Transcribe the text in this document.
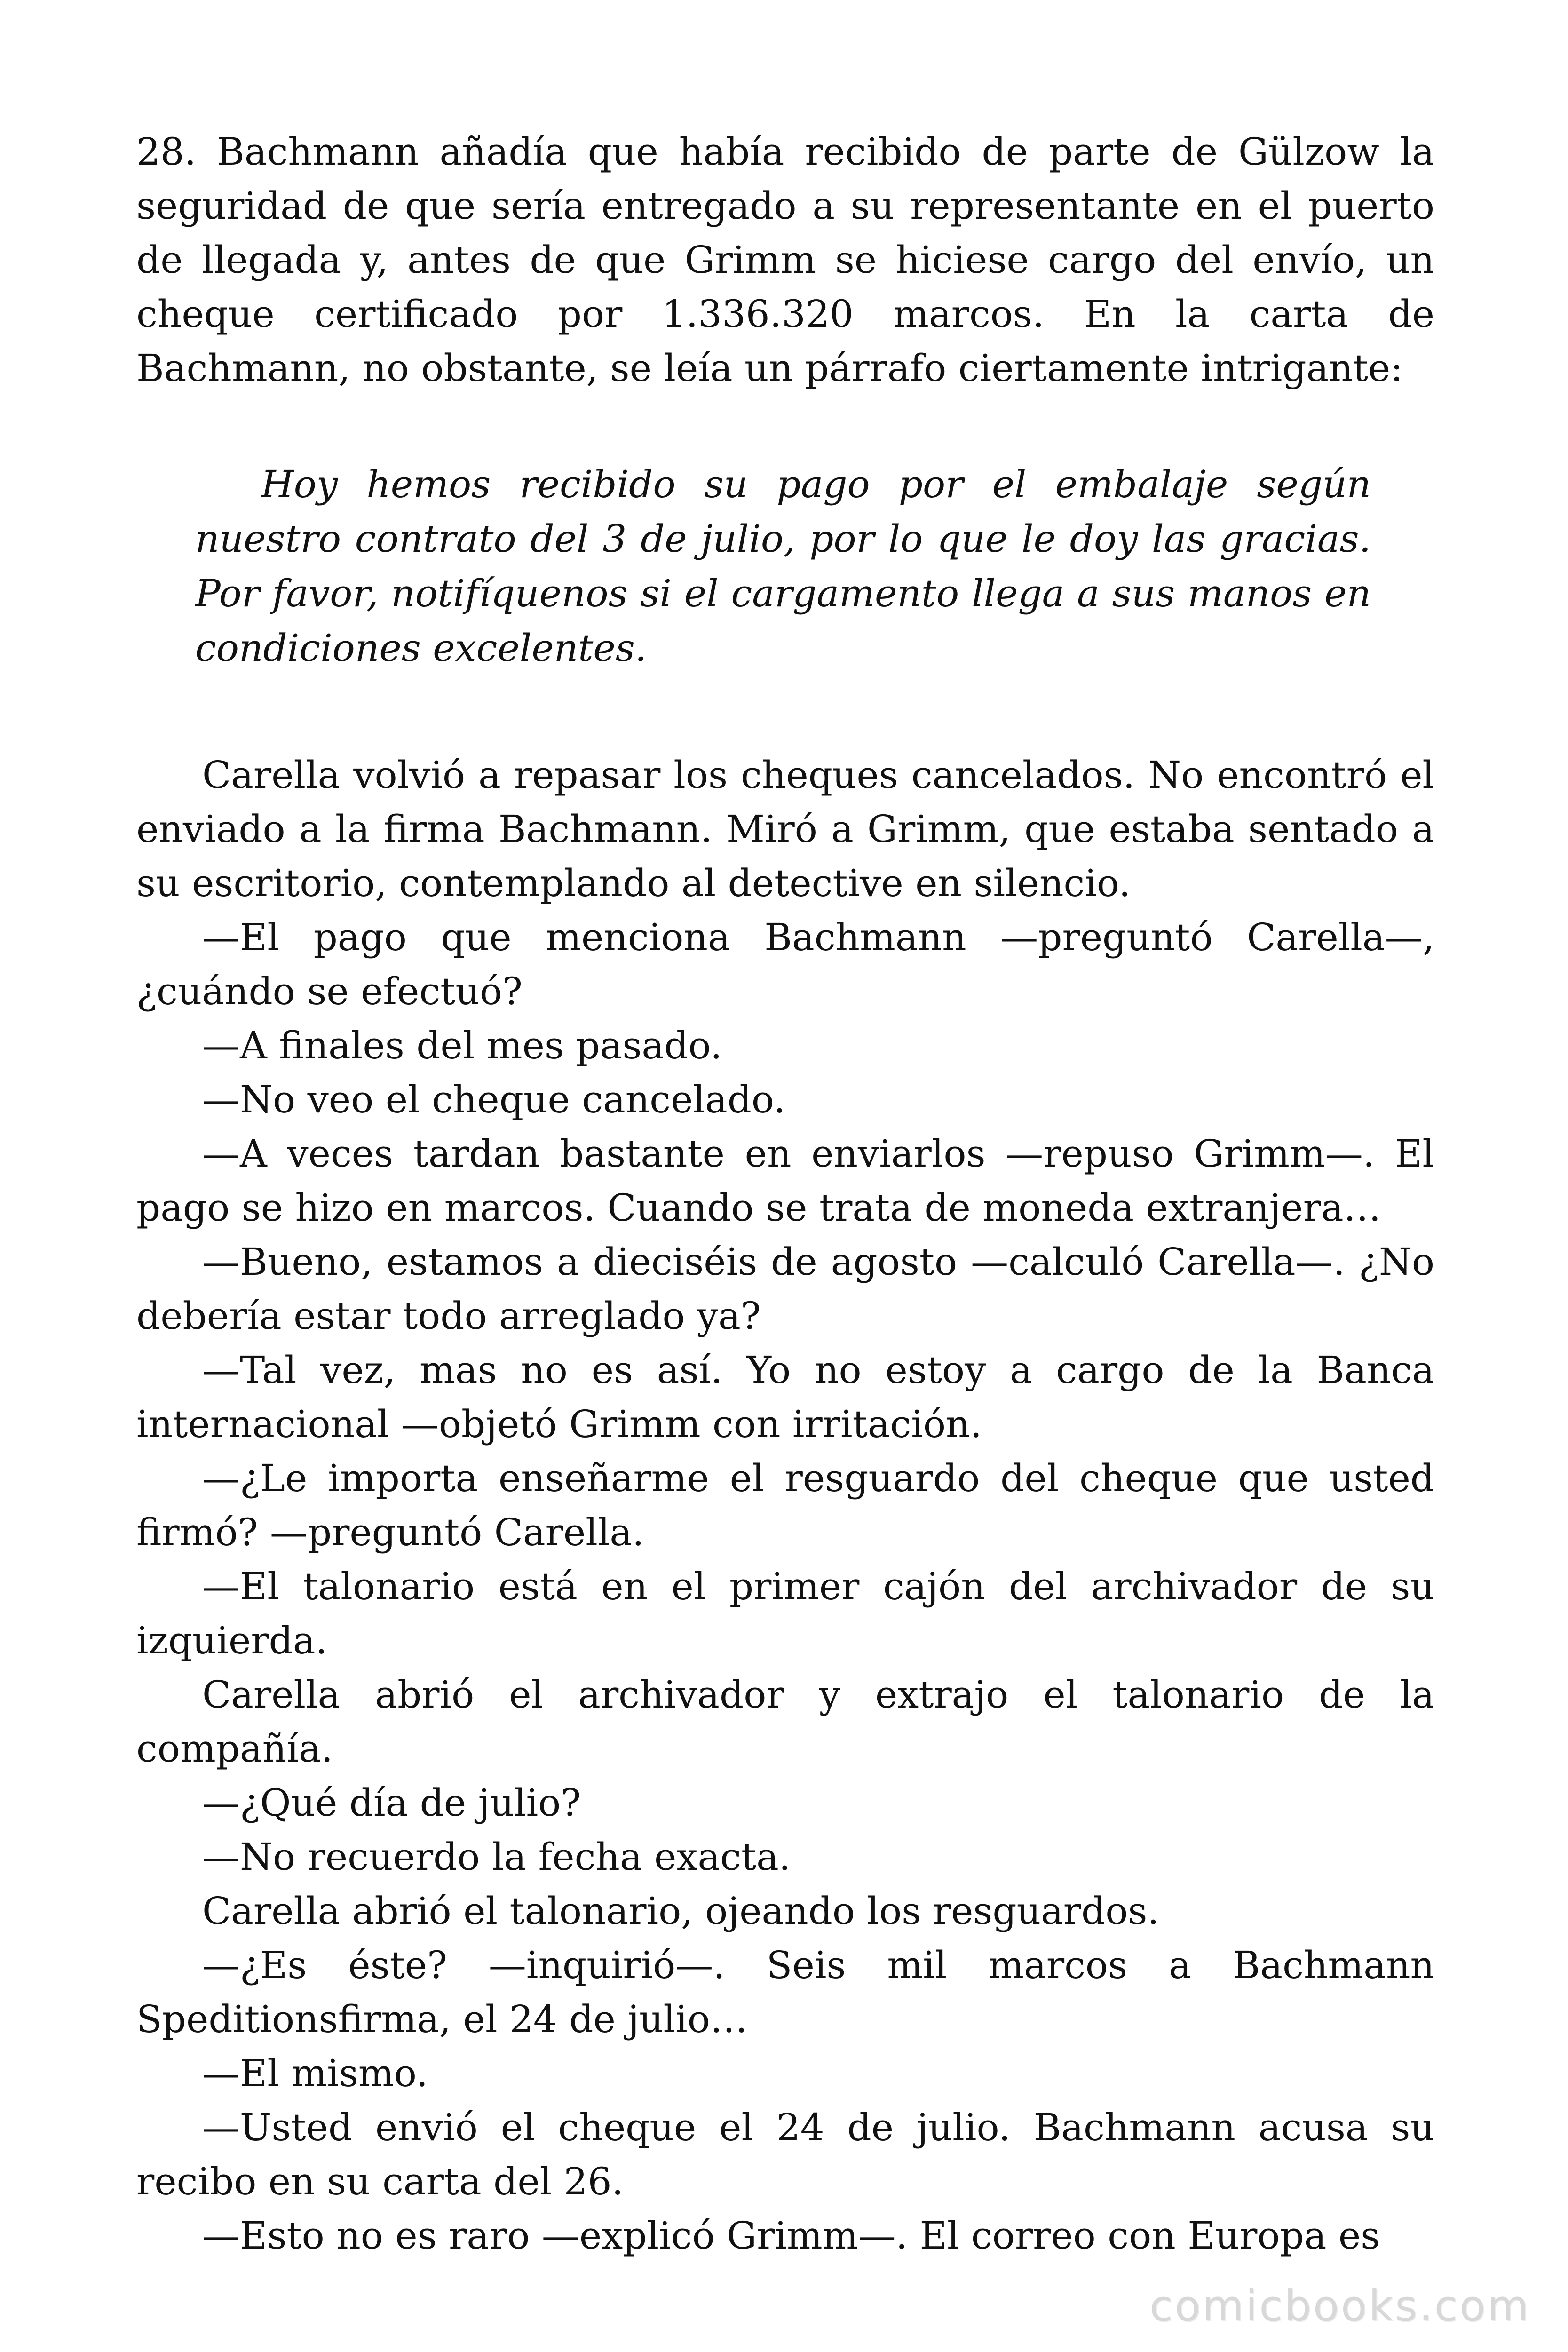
28. Bachmann añadía que había recibido de parte de Gülzow la seguridad de que sería entregado a su representante en el puerto de llegada y, antes de que Grimm se hiciese cargo del envío, un cheque certificado por 1.336.320 marcos. En la carta de Bachmann, no obstante, se leía un párrafo ciertamente intrigante:

Hoy hemos recibido su pago por el embalaje según nuestro contrato del 3 de julio, por lo que le doy las gracias. Por favor, notifíquenos si el cargamento llega a sus manos en condiciones excelentes.

Carella volvió a repasar los cheques cancelados. No encontró el enviado a la firma Bachmann. Miró a Grimm, que estaba sentado a su escritorio, contemplando al detective en silencio.

—El pago que menciona Bachmann —preguntó Carella—, ¿cuándo se efectuó?

—A finales del mes pasado.

—No veo el cheque cancelado.

—A veces tardan bastante en enviarlos —repuso Grimm—. El pago se hizo en marcos. Cuando se trata de moneda extranjera…

—Bueno, estamos a dieciséis de agosto —calculó Carella—. ¿No debería estar todo arreglado ya?

—Tal vez, mas no es así. Yo no estoy a cargo de la Banca internacional —objetó Grimm con irritación.

—¿Le importa enseñarme el resguardo del cheque que usted firmó? —preguntó Carella.

—El talonario está en el primer cajón del archivador de su izquierda.

Carella abrió el archivador y extrajo el talonario de la compañía.

—¿Qué día de julio?

—No recuerdo la fecha exacta.

Carella abrió el talonario, ojeando los resguardos.

—¿Es éste? —inquirió—. Seis mil marcos a Bachmann Speditionsfirma, el 24 de julio…

—El mismo.

—Usted envió el cheque el 24 de julio. Bachmann acusa su recibo en su carta del 26.

—Esto no es raro —explicó Grimm—. El correo con Europa es

comicbooks.com
